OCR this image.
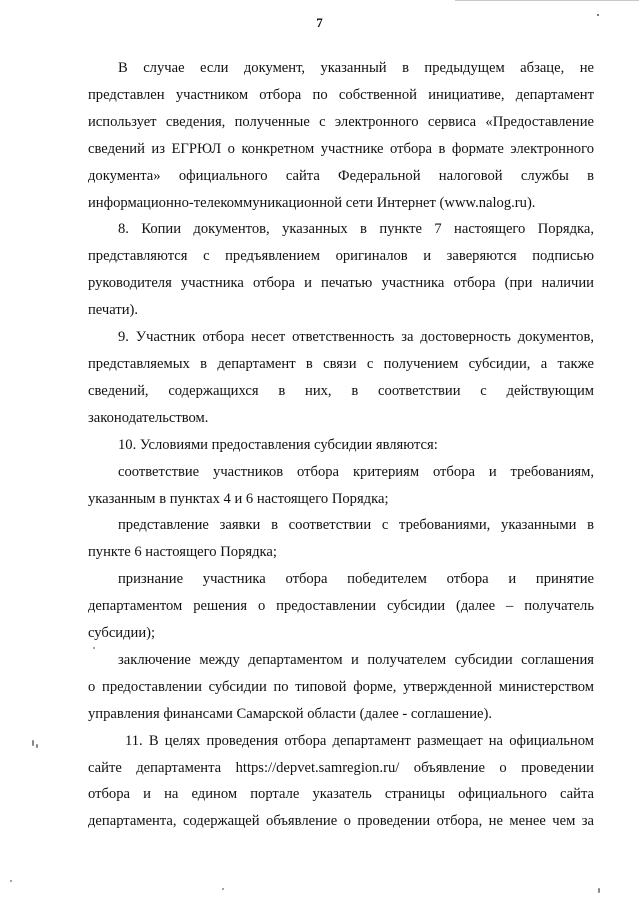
7

В случае если документ, указанный в предыдущем абзаце, не
представлен участником отбора по собственной инициативе, департамент
использует сведения, полученные с электронного сервиса «Предоставление
сведений из ЕГРЮЛ о конкретном участнике отбора в формате электронного
документа» официального сайта Федеральной налоговой службы в
информационно-телекоммуникационной сети Интернет (www.nalog.ru).

8. Копии документов, указанных в пункте 7 настоящего Порядка,
представляются с предъявлением оригиналов и заверяются подписью
руководителя участника отбора и печатью участника отбора (при наличии
печати).

9. Участник отбора несет ответственность за достоверность документов,
представляемых в департамент в связи с получением субсидии, а также
сведений, содержащихся в них, в соответствии с действующим
законодательством.

10. Условиями предоставления субсидии являются:

соответствие участников отбора критериям отбора и требованиям,
указанным в пунктах 4 и 6 настоящего Порядка;

представление заявки в соответствии с требованиями, указанными в
пункте 6 настоящего Порядка;

признание участника отбора победителем отбора и принятие
департаментом решения о предоставлении субсидии (далее – получатель
субсидии);

заключение между департаментом и получателем субсидии соглашения
о предоставлении субсидии по типовой форме, утвержденной министерством
управления финансами Самарской области (далее - соглашение).

11. В целях проведения отбора департамент размещает на официальном
сайте департамента https://depvet.samregion.ru/ объявление о проведении
отбора и на едином портале указатель страницы официального сайта
департамента, содержащей объявление о проведении отбора, не менее чем за
